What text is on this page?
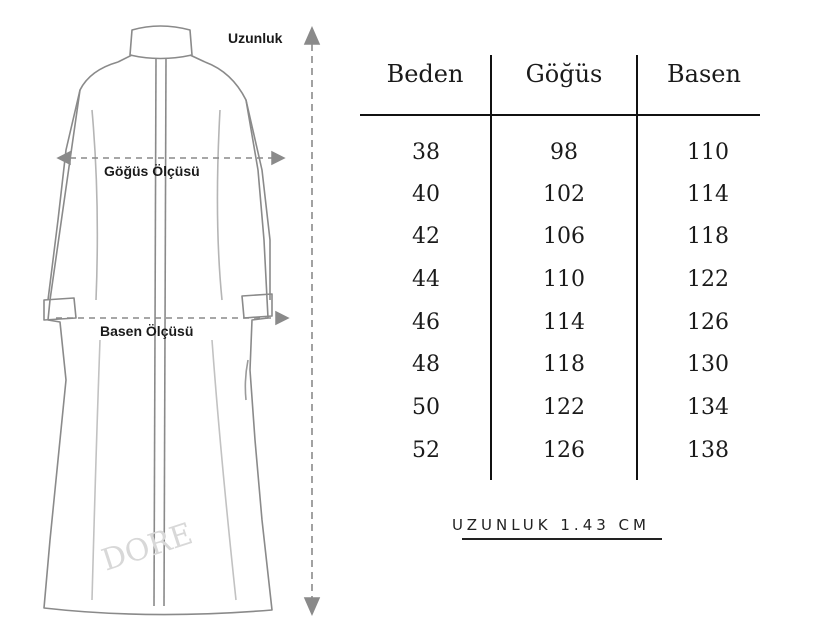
DORE
Uzunluk
Göğüs Ölçüsü
Basen Ölçüsü
Beden	Göğüs	Basen
38	98	110
40	102	114
42	106	118
44	110	122
46	114	126
48	118	130
50	122	134
52	126	138
UZUNLUK 1.43 CM
